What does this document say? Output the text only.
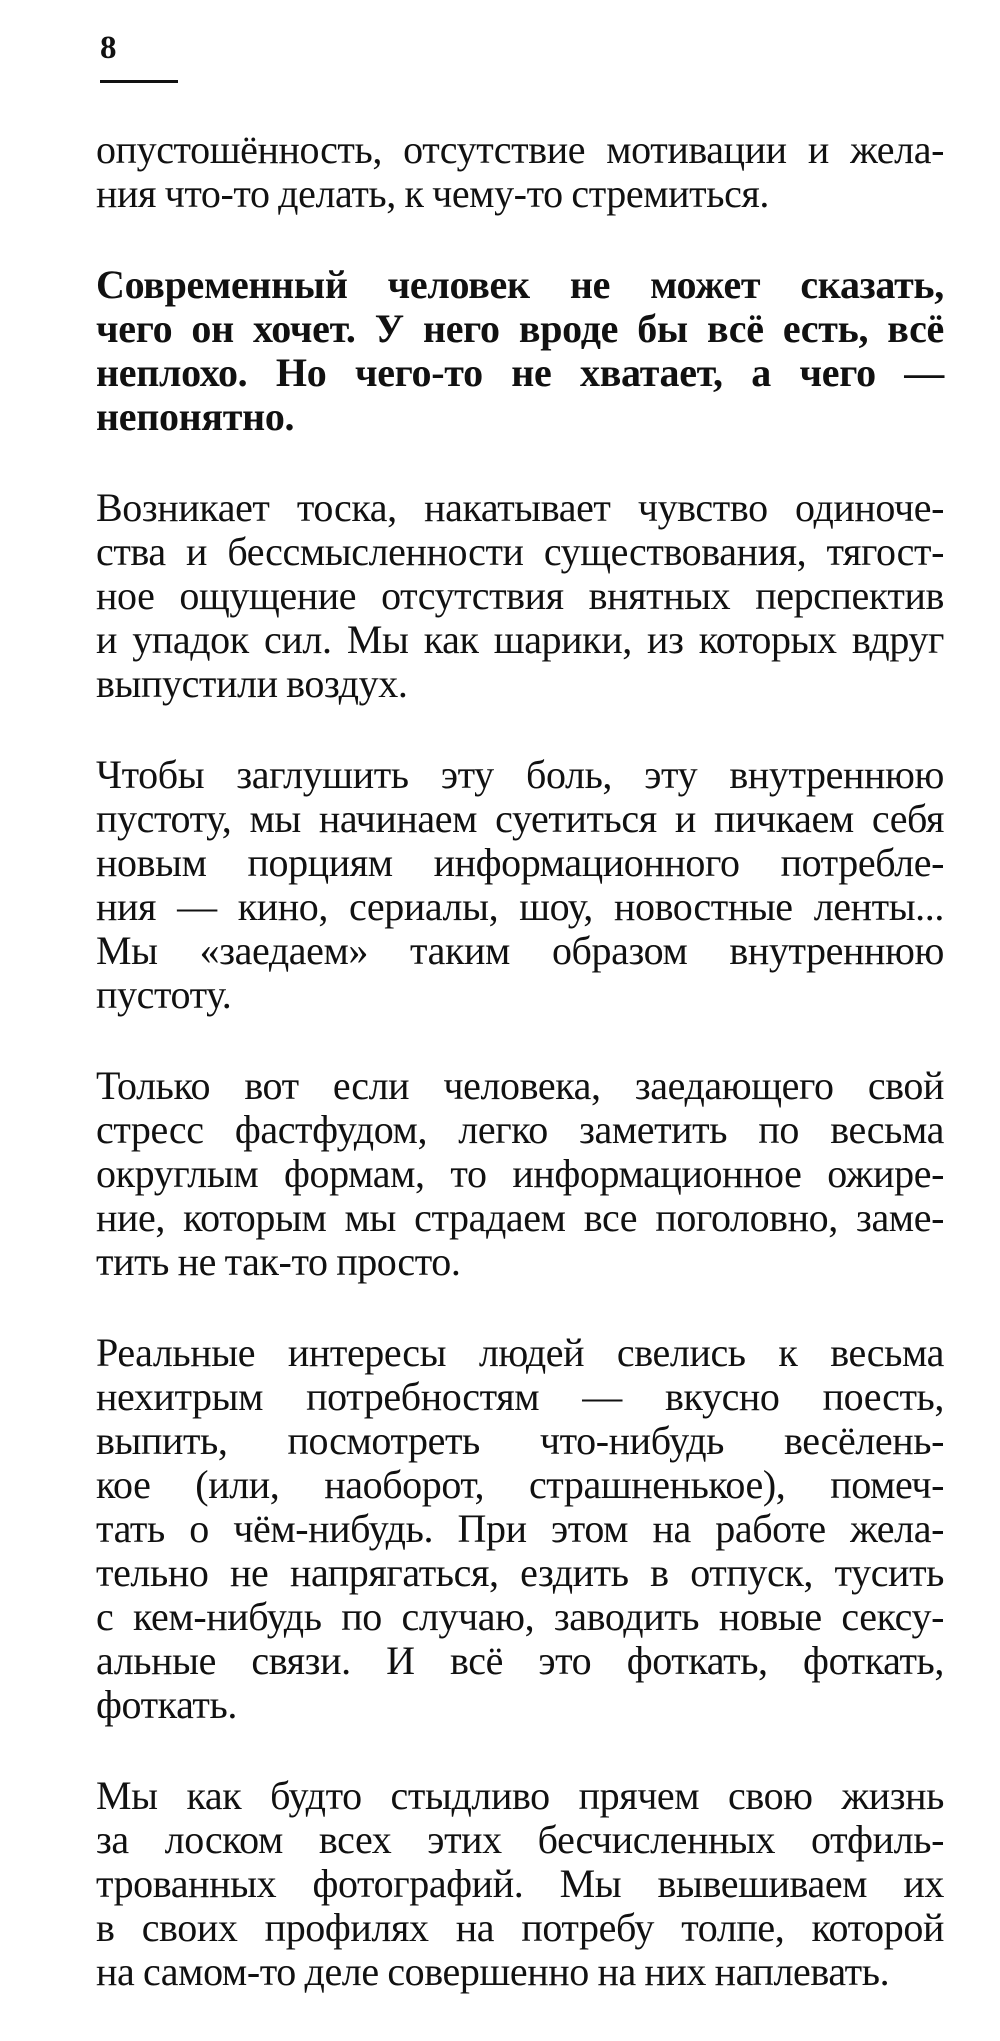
8

опустошённость, отсутствие мотивации и жела-
ния что-то делать, к чему-то стремиться.

Современный человек не может сказать,
чего он хочет. У него вроде бы всё есть, всё
неплохо. Но чего-то не хватает, а чего —
непонятно.

Возникает тоска, накатывает чувство одиноче-
ства и бессмысленности существования, тягост-
ное ощущение отсутствия внятных перспектив
и упадок сил. Мы как шарики, из которых вдруг
выпустили воздух.

Чтобы заглушить эту боль, эту внутреннюю
пустоту, мы начинаем суетиться и пичкаем себя
новым порциям информационного потребле-
ния — кино, сериалы, шоу, новостные ленты...
Мы «заедаем» таким образом внутреннюю
пустоту.

Только вот если человека, заедающего свой
стресс фастфудом, легко заметить по весьма
округлым формам, то информационное ожире-
ние, которым мы страдаем все поголовно, заме-
тить не так-то просто.

Реальные интересы людей свелись к весьма
нехитрым потребностям — вкусно поесть,
выпить, посмотреть что-нибудь весёлень-
кое (или, наоборот, страшненькое), помеч-
тать о чём-нибудь. При этом на работе жела-
тельно не напрягаться, ездить в отпуск, тусить
с кем-нибудь по случаю, заводить новые сексу-
альные связи. И всё это фоткать, фоткать,
фоткать.

Мы как будто стыдливо прячем свою жизнь
за лоском всех этих бесчисленных отфиль-
трованных фотографий. Мы вывешиваем их
в своих профилях на потребу толпе, которой
на самом-то деле совершенно на них наплевать.
